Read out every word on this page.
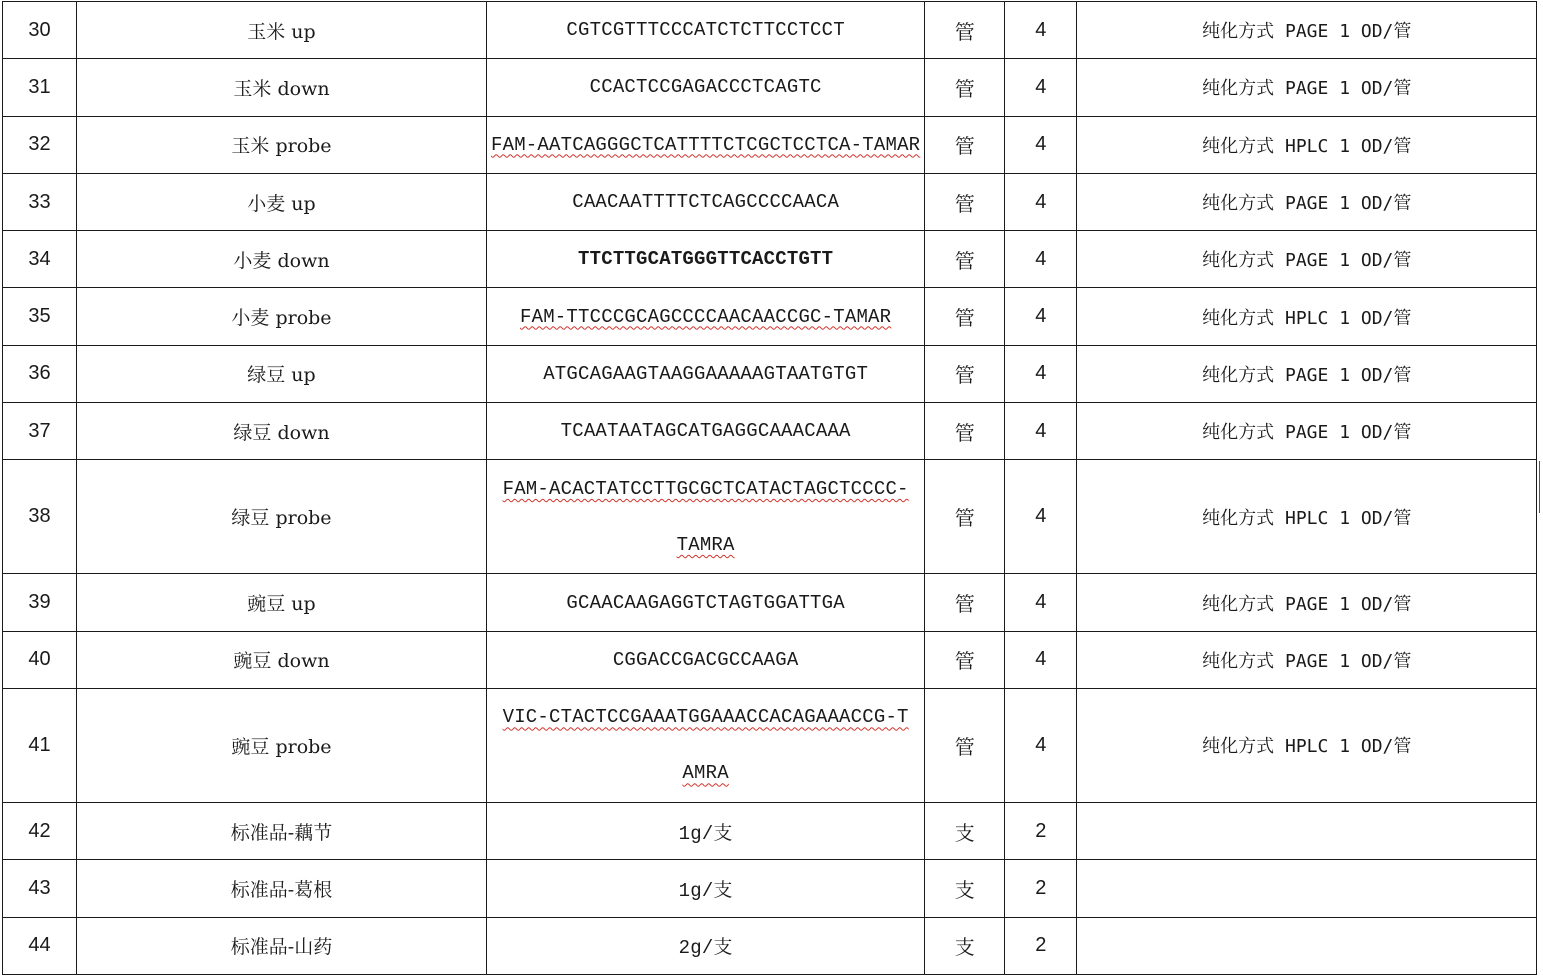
30	玉米 up	CGTCGTTTCCCATCTCTTCCTCCT	管	4	纯化方式 PAGE 1 OD/管
31	玉米 down	CCACTCCGAGACCCTCAGTC	管	4	纯化方式 PAGE 1 OD/管
32	玉米 probe	FAM-AATCAGGGCTCATTTTCTCGCTCCTCA-TAMAR	管	4	纯化方式 HPLC 1 OD/管
33	小麦 up	CAACAATTTTCTCAGCCCCAACA	管	4	纯化方式 PAGE 1 OD/管
34	小麦 down	TTCTTGCATGGGTTCACCTGTT	管	4	纯化方式 PAGE 1 OD/管
35	小麦 probe	FAM-TTCCCGCAGCCCCAACAACCGC-TAMAR	管	4	纯化方式 HPLC 1 OD/管
36	绿豆 up	ATGCAGAAGTAAGGAAAAAGTAATGTGT	管	4	纯化方式 PAGE 1 OD/管
37	绿豆 down	TCAATAATAGCATGAGGCAAACAAA	管	4	纯化方式 PAGE 1 OD/管
38	绿豆 probe	FAM-ACACTATCCTTGCGCTCATACTAGCTCCCC-TAMRA	管	4	纯化方式 HPLC 1 OD/管
39	豌豆 up	GCAACAAGAGGTCTAGTGGATTGA	管	4	纯化方式 PAGE 1 OD/管
40	豌豆 down	CGGACCGACGCCAAGA	管	4	纯化方式 PAGE 1 OD/管
41	豌豆 probe	VIC-CTACTCCGAAATGGAAACCACAGAAACCG-TAMRA	管	4	纯化方式 HPLC 1 OD/管
42	标准品-藕节	1g/支	支	2	
43	标准品-葛根	1g/支	支	2	
44	标准品-山药	2g/支	支	2	
